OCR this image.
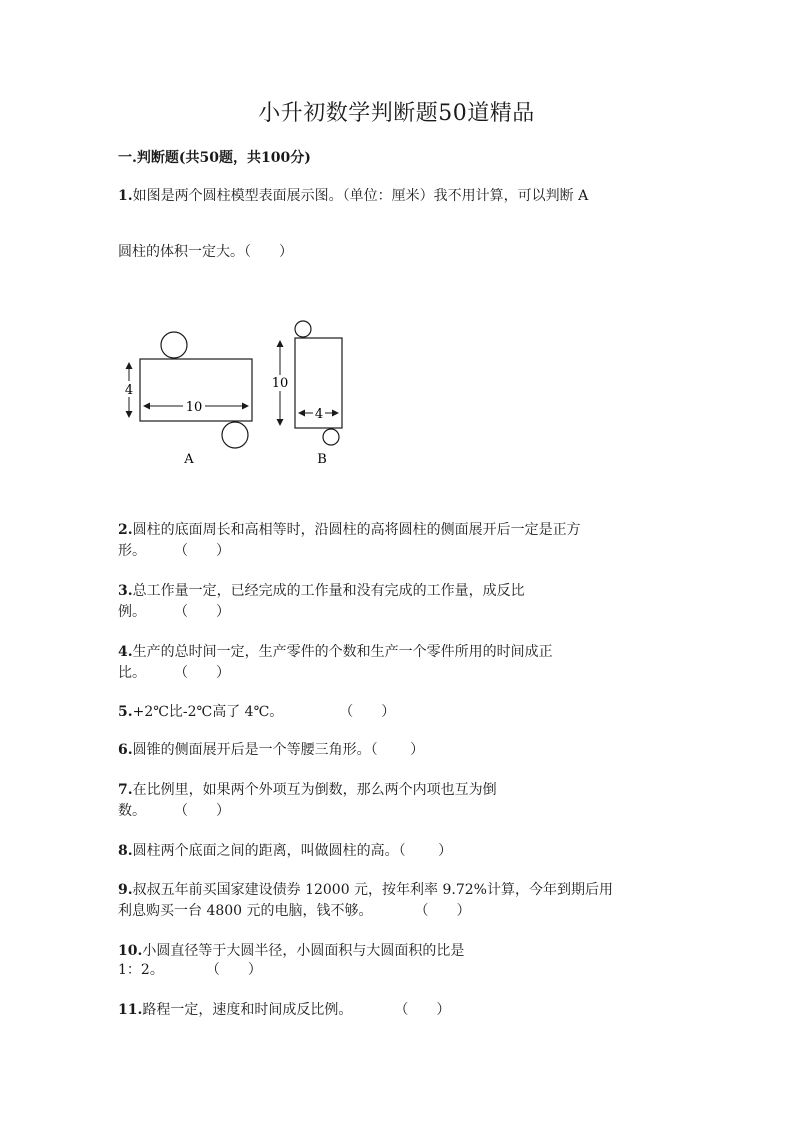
小升初数学判断题50道精品
一.判断题(共50题，共100分)
1.如图是两个圆柱模型表面展示图。（单位：厘米）我不用计算，可以判断 A
圆柱的体积一定大。（　　）
4
10
A
10
4
B
2.圆柱的底面周长和高相等时，沿圆柱的高将圆柱的侧面展开后一定是正方
形。　　　（　　）
3.总工作量一定，已经完成的工作量和没有完成的工作量，成反比
例。　　　（　　）
4.生产的总时间一定，生产零件的个数和生产一个零件所用的时间成正
比。　　　（　　）
5.+2℃比-2℃高了 4℃。　　　　　（　　）
6.圆锥的侧面展开后是一个等腰三角形。（　　 ）
7.在比例里，如果两个外项互为倒数，那么两个内项也互为倒
数。　　　（　　）
8.圆柱两个底面之间的距离，叫做圆柱的高。（　　 ）
9.叔叔五年前买国家建设债券 12000 元，按年利率 9.72%计算，今年到期后用
利息购买一台 4800 元的电脑，钱不够。　　　　（　　）
10.小圆直径等于大圆半径，小圆面积与大圆面积的比是
1：2。　　　　（　　）
11.路程一定，速度和时间成反比例。　　　　（　　）
